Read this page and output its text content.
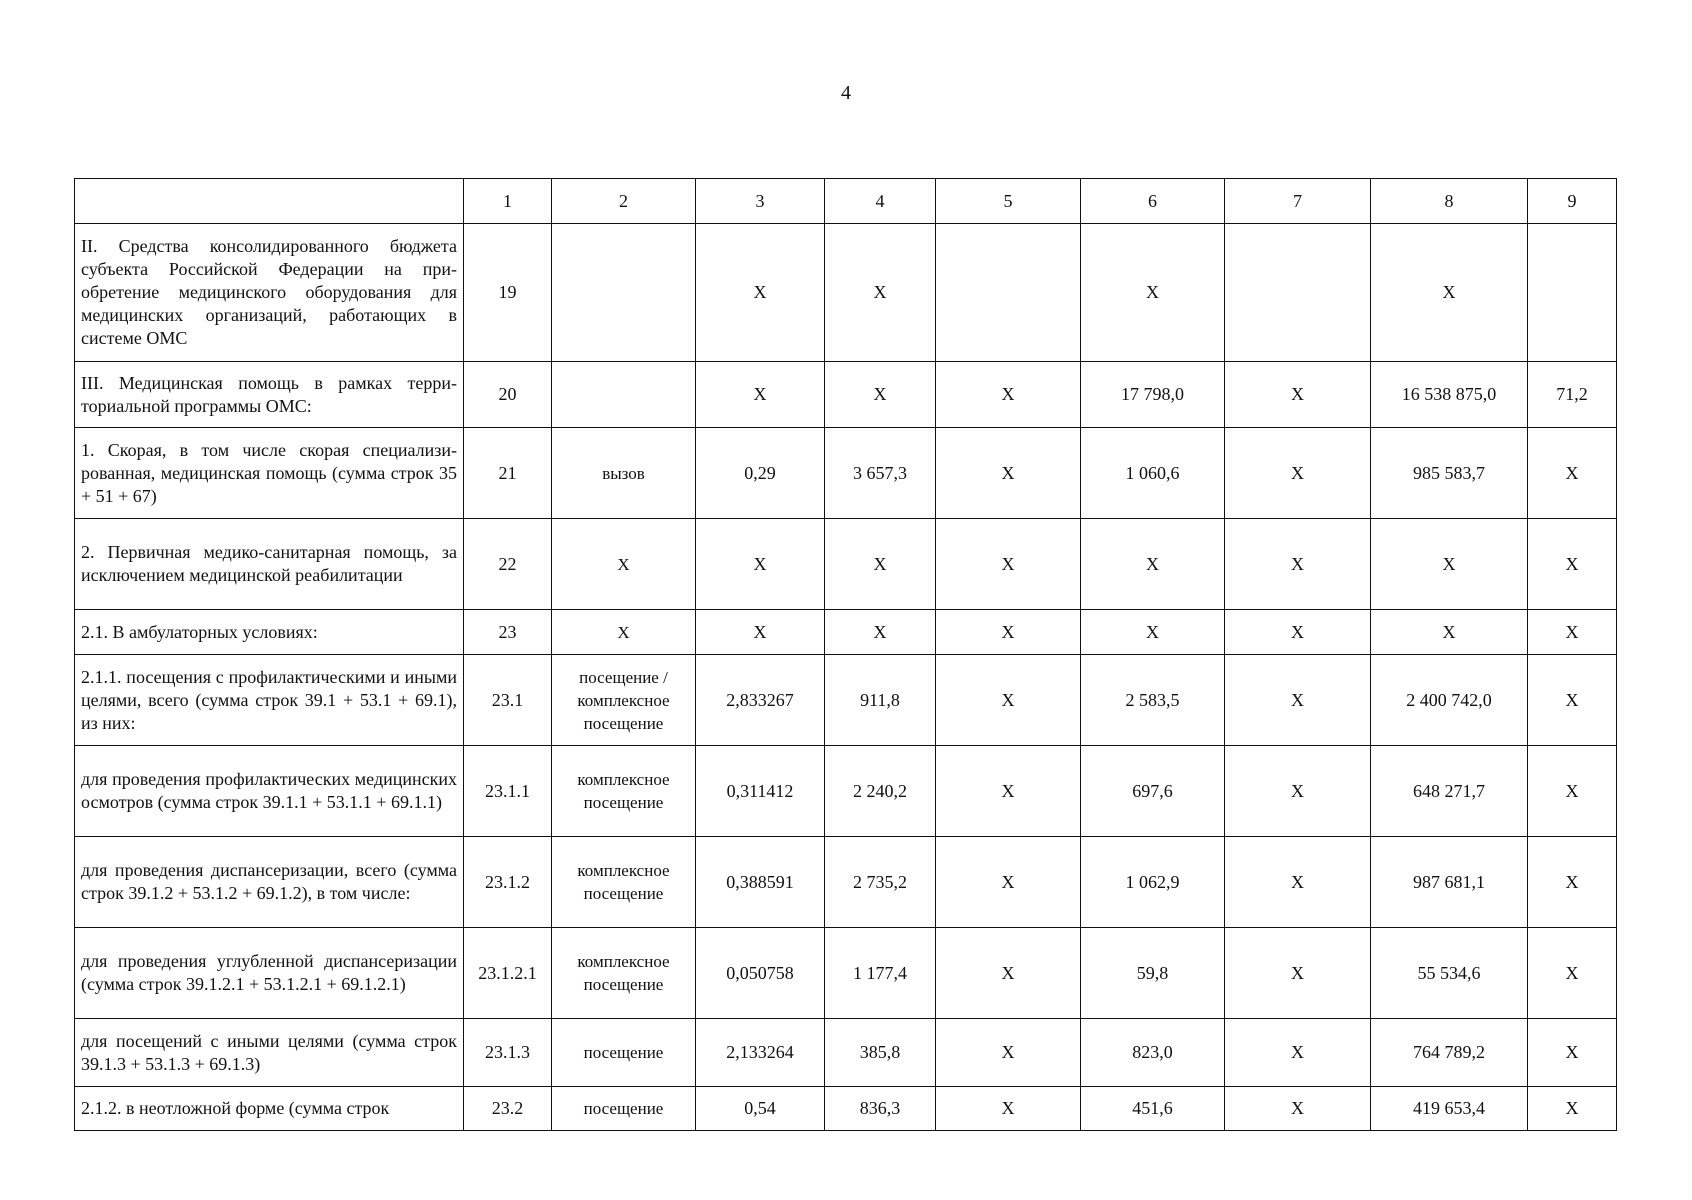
4
	1	2	3	4	5	6	7	8	9
II. Средства консолидированного бюджета субъекта Российской Федерации на приобретение медицинского оборудования для медицинских организаций, работающих в системе ОМС	19		X	X		X		X	
III. Медицинская помощь в рамках территориальной программы ОМС:	20		X	X	X	17 798,0	X	16 538 875,0	71,2
1. Скорая, в том числе скорая специализированная, медицинская помощь (сумма строк 35 + 51 + 67)	21	вызов	0,29	3 657,3	X	1 060,6	X	985 583,7	X
2. Первичная медико-санитарная помощь, за исключением медицинской реабилитации	22	X	X	X	X	X	X	X	X
2.1. В амбулаторных условиях:	23	X	X	X	X	X	X	X	X
2.1.1. посещения с профилактическими и иными целями, всего (сумма строк 39.1 + 53.1 + 69.1), из них:	23.1	посещение / комплексное посещение	2,833267	911,8	X	2 583,5	X	2 400 742,0	X
для проведения профилактических медицинских осмотров (сумма строк 39.1.1 + 53.1.1 + 69.1.1)	23.1.1	комплексное посещение	0,311412	2 240,2	X	697,6	X	648 271,7	X
для проведения диспансеризации, всего (сумма строк 39.1.2 + 53.1.2 + 69.1.2), в том числе:	23.1.2	комплексное посещение	0,388591	2 735,2	X	1 062,9	X	987 681,1	X
для проведения углубленной диспансеризации (сумма строк 39.1.2.1 + 53.1.2.1 + 69.1.2.1)	23.1.2.1	комплексное посещение	0,050758	1 177,4	X	59,8	X	55 534,6	X
для посещений с иными целями (сумма строк 39.1.3 + 53.1.3 + 69.1.3)	23.1.3	посещение	2,133264	385,8	X	823,0	X	764 789,2	X
2.1.2. в неотложной форме (сумма строк	23.2	посещение	0,54	836,3	X	451,6	X	419 653,4	X
